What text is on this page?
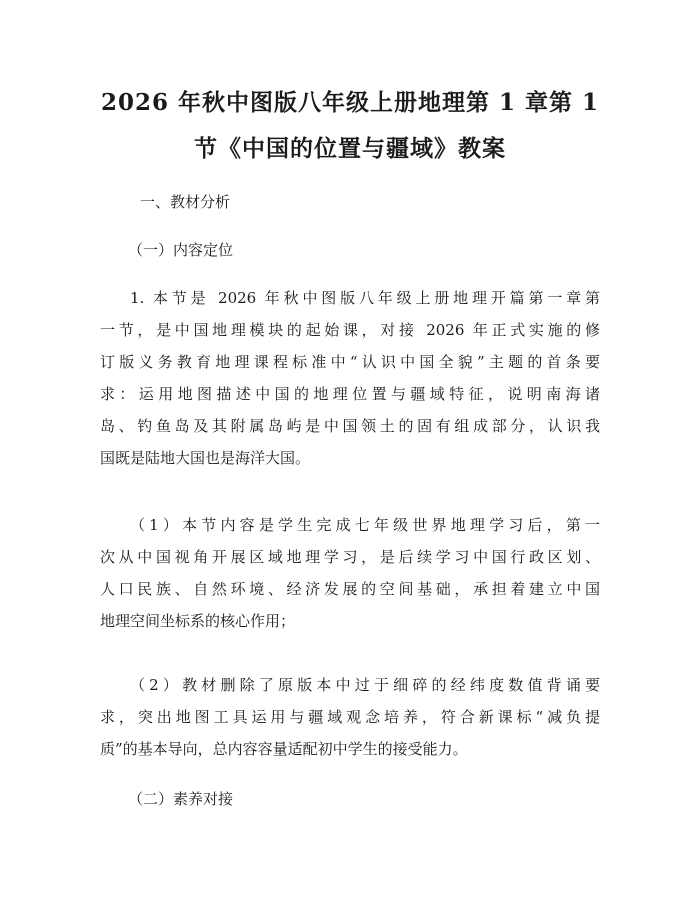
2026 年秋中图版八年级上册地理第 1 章第 1
节《中国的位置与疆域》教案
一、教材分析
（一）内容定位
1. 本节是 2026 年秋中图版八年级上册地理开篇第一章第
一节，是中国地理模块的起始课，对接 2026 年正式实施的修
订版义务教育地理课程标准中“认识中国全貌”主题的首条要
求：运用地图描述中国的地理位置与疆域特征，说明南海诸
岛、钓鱼岛及其附属岛屿是中国领土的固有组成部分，认识我
国既是陆地大国也是海洋大国。
（1）本节内容是学生完成七年级世界地理学习后，第一
次从中国视角开展区域地理学习，是后续学习中国行政区划、
人口民族、自然环境、经济发展的空间基础，承担着建立中国
地理空间坐标系的核心作用；
（2）教材删除了原版本中过于细碎的经纬度数值背诵要
求，突出地图工具运用与疆域观念培养，符合新课标“减负提
质”的基本导向，总内容容量适配初中学生的接受能力。
（二）素养对接
